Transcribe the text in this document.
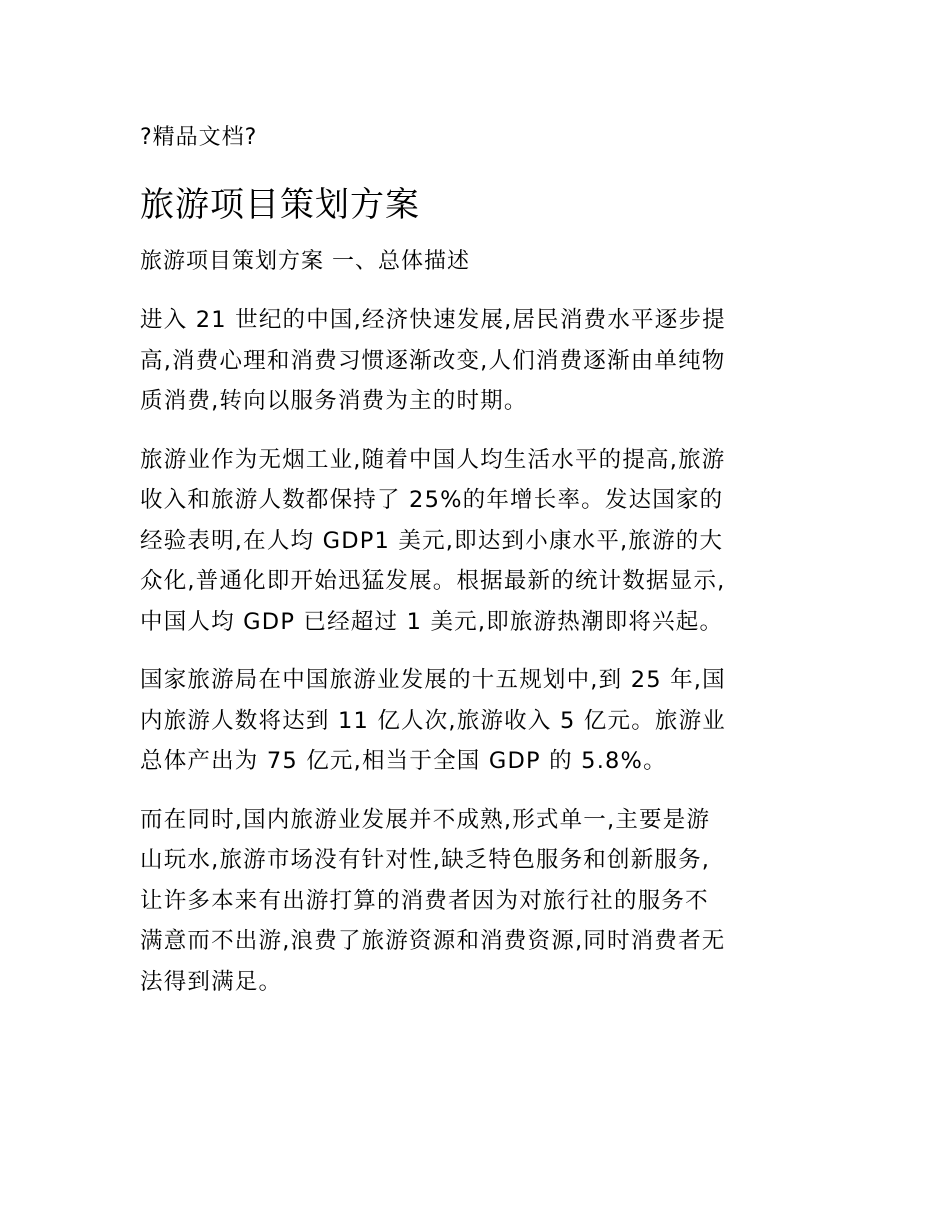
?精品文档?

旅游项目策划方案

旅游项目策划方案 一、总体描述

进入 21 世纪的中国,经济快速发展,居民消费水平逐步提
高,消费心理和消费习惯逐渐改变,人们消费逐渐由单纯物
质消费,转向以服务消费为主的时期。

旅游业作为无烟工业,随着中国人均生活水平的提高,旅游
收入和旅游人数都保持了 25%的年增长率。发达国家的
经验表明,在人均 GDP1 美元,即达到小康水平,旅游的大
众化,普通化即开始迅猛发展。根据最新的统计数据显示,
中国人均 GDP 已经超过 1 美元,即旅游热潮即将兴起。

国家旅游局在中国旅游业发展的十五规划中,到 25 年,国
内旅游人数将达到 11 亿人次,旅游收入 5 亿元。旅游业
总体产出为 75 亿元,相当于全国 GDP 的 5.8%。

而在同时,国内旅游业发展并不成熟,形式单一,主要是游
山玩水,旅游市场没有针对性,缺乏特色服务和创新服务,
让许多本来有出游打算的消费者因为对旅行社的服务不
满意而不出游,浪费了旅游资源和消费资源,同时消费者无
法得到满足。
